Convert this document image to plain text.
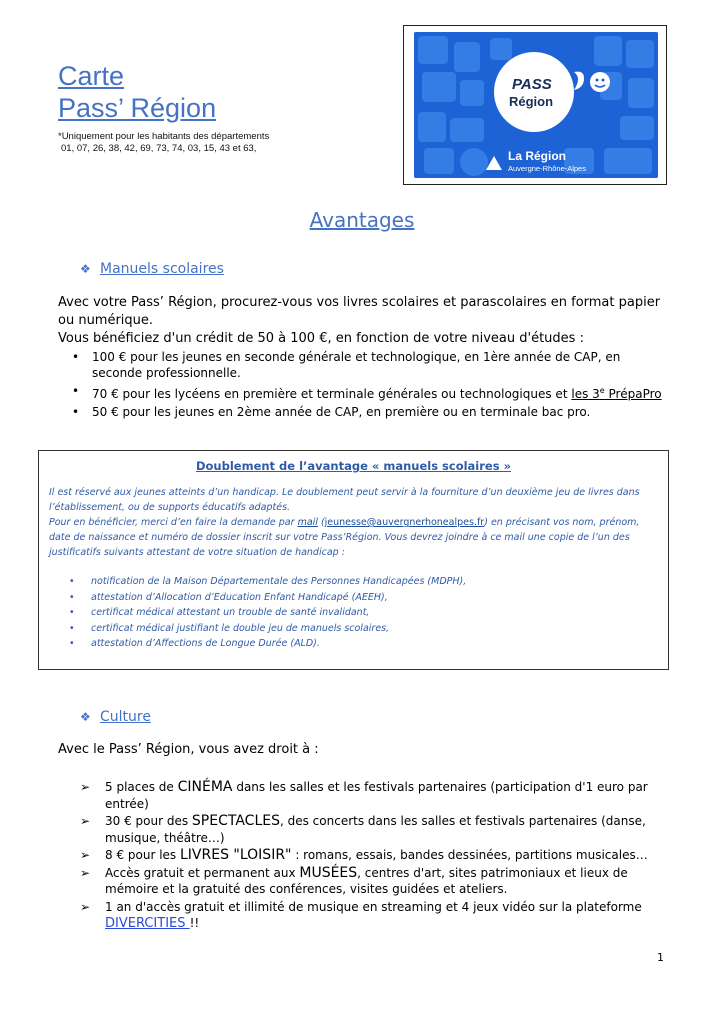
Carte
Pass’ Région
*Uniquement pour les habitants des départements
01, 07, 26, 38, 42, 69, 73, 74, 03, 15, 43 et 63,
PASS
Région
La Région
Auvergne-Rhône-Alpes
Avantages
❖ Manuels scolaires
Avec votre Pass’ Région, procurez-vous vos livres scolaires et parascolaires en format papier ou numérique.
Vous bénéficiez d'un crédit de 50 à 100 €, en fonction de votre niveau d'études :
• 100 € pour les jeunes en seconde générale et technologique, en 1ère année de CAP, en seconde professionnelle.
• 70 € pour les lycéens en première et terminale générales ou technologiques et les 3e PrépaPro
• 50 € pour les jeunes en 2ème année de CAP, en première ou en terminale bac pro.
Doublement de l’avantage « manuels scolaires »
Il est réservé aux jeunes atteints d’un handicap. Le doublement peut servir à la fourniture d’un deuxième jeu de livres dans l’établissement, ou de supports éducatifs adaptés.
Pour en bénéficier, merci d’en faire la demande par mail (jeunesse@auvergnerhonealpes.fr) en précisant vos nom, prénom, date de naissance et numéro de dossier inscrit sur votre Pass’Région. Vous devrez joindre à ce mail une copie de l’un des justificatifs suivants attestant de votre situation de handicap :
• notification de la Maison Départementale des Personnes Handicapées (MDPH),
• attestation d’Allocation d’Education Enfant Handicapé (AEEH),
• certificat médical attestant un trouble de santé invalidant,
• certificat médical justifiant le double jeu de manuels scolaires,
• attestation d’Affections de Longue Durée (ALD).
❖ Culture
Avec le Pass’ Région, vous avez droit à :
➢ 5 places de CINÉMA dans les salles et les festivals partenaires (participation d'1 euro par entrée)
➢ 30 € pour des SPECTACLES, des concerts dans les salles et festivals partenaires (danse, musique, théâtre…)
➢ 8 € pour les LIVRES "LOISIR" : romans, essais, bandes dessinées, partitions musicales…
➢ Accès gratuit et permanent aux MUSÉES, centres d'art, sites patrimoniaux et lieux de mémoire et la gratuité des conférences, visites guidées et ateliers.
➢ 1 an d'accès gratuit et illimité de musique en streaming et 4 jeux vidéo sur la plateforme DIVERCITIES !!
1
